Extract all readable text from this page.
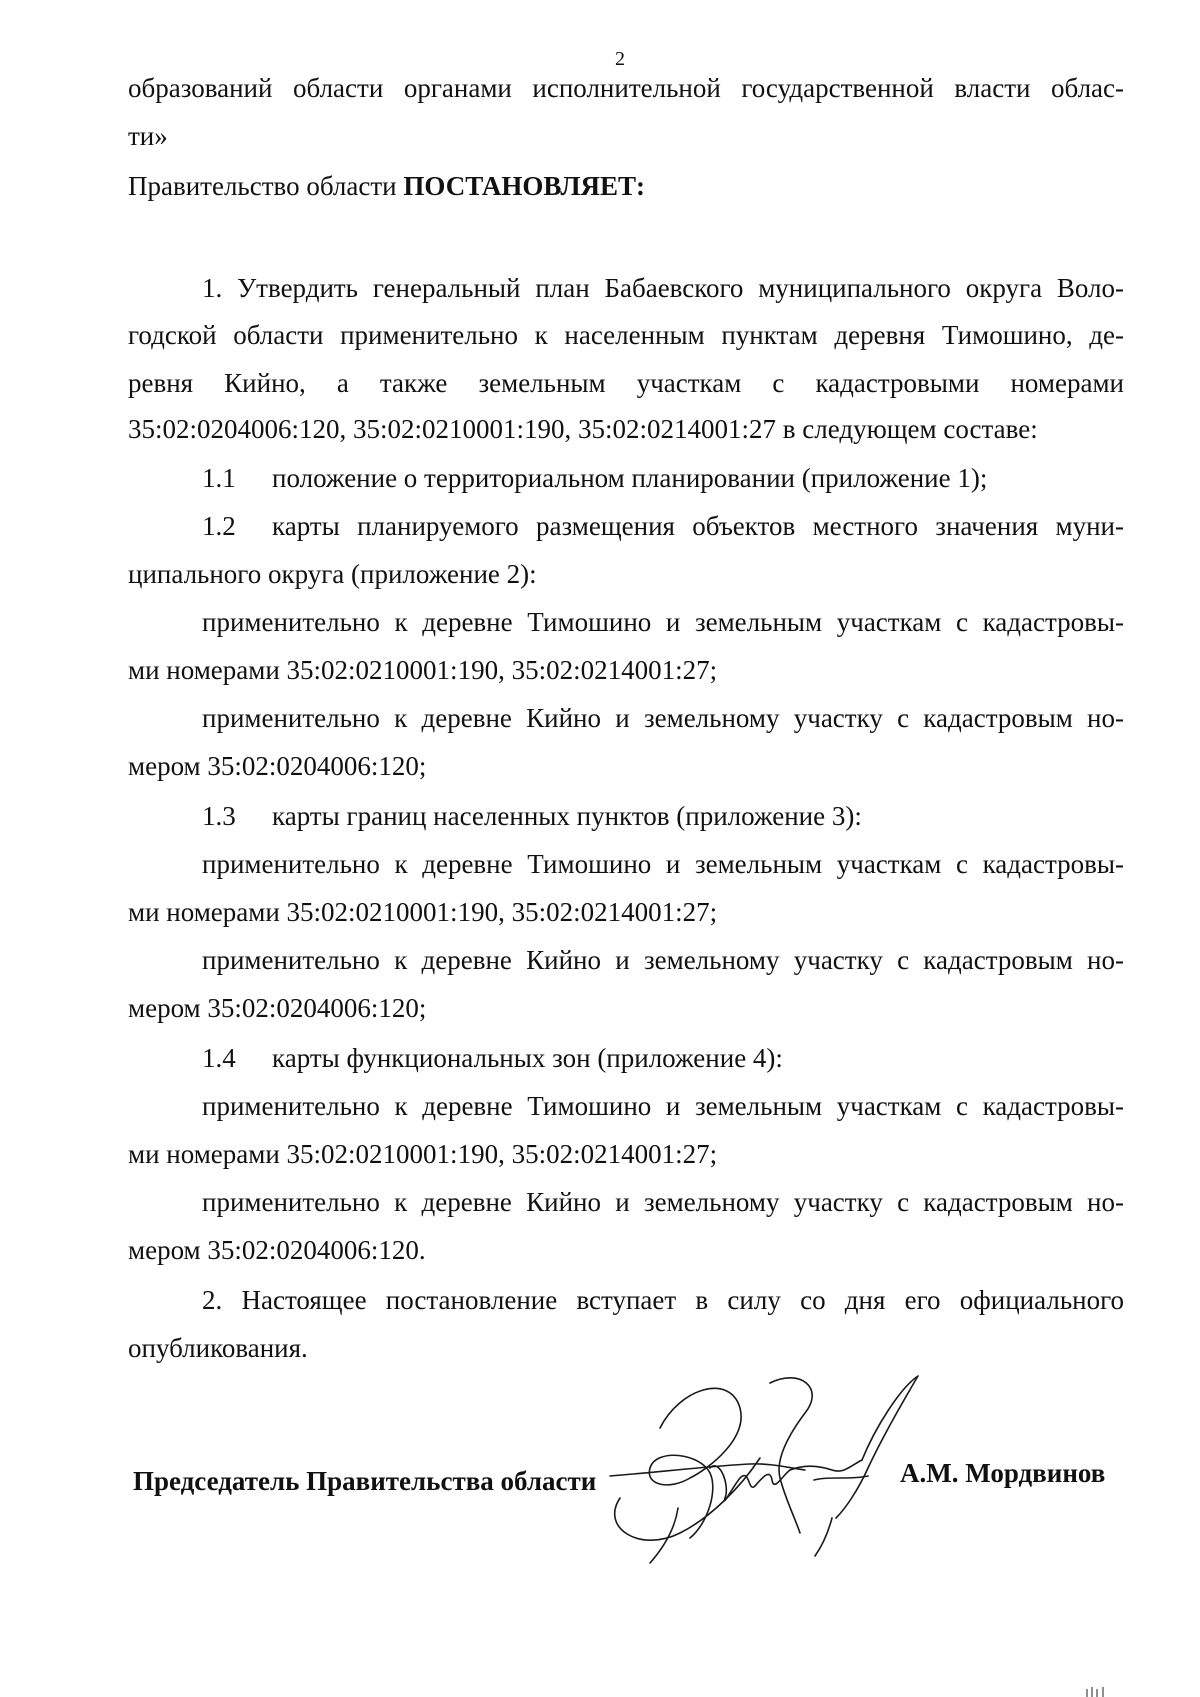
2
образований области органами исполнительной государственной власти облас-
ти»
Правительство области ПОСТАНОВЛЯЕТ:
1. Утвердить генеральный план Бабаевского муниципального округа Воло-
годской области применительно к населенным пунктам деревня Тимошино, де-
ревня Кийно, а также земельным участкам с кадастровыми номерами
35:02:0204006:120, 35:02:0210001:190, 35:02:0214001:27 в следующем составе:
1.1 положение о территориальном планировании (приложение 1);
1.2 карты планируемого размещения объектов местного значения муни-
ципального округа (приложение 2):
применительно к деревне Тимошино и земельным участкам с кадастровы-
ми номерами 35:02:0210001:190, 35:02:0214001:27;
применительно к деревне Кийно и земельному участку с кадастровым но-
мером 35:02:0204006:120;
1.3 карты границ населенных пунктов (приложение 3):
применительно к деревне Тимошино и земельным участкам с кадастровы-
ми номерами 35:02:0210001:190, 35:02:0214001:27;
применительно к деревне Кийно и земельному участку с кадастровым но-
мером 35:02:0204006:120;
1.4 карты функциональных зон (приложение 4):
применительно к деревне Тимошино и земельным участкам с кадастровы-
ми номерами 35:02:0210001:190, 35:02:0214001:27;
применительно к деревне Кийно и земельному участку с кадастровым но-
мером 35:02:0204006:120.
2. Настоящее постановление вступает в силу со дня его официального
опубликования.
Председатель Правительства области	А.М. Мордвинов
